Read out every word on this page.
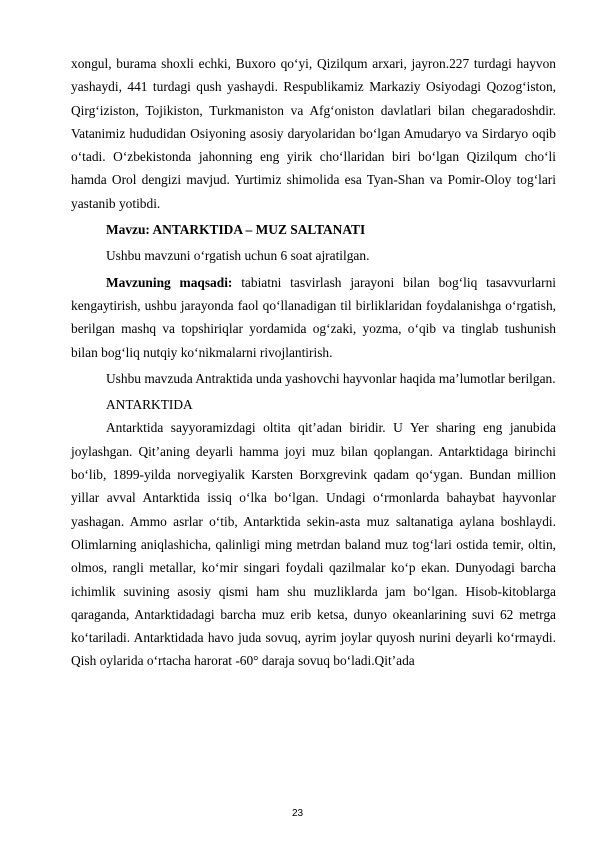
xongul, burama shoxli echki, Buxoro qo‘yi, Qizilqum arxari, jayron.227 turdagi hayvon yashaydi, 441 turdagi qush yashaydi. Respublikamiz Markaziy Osiyodagi Qozog‘iston, Qirg‘iziston, Tojikiston, Turkmaniston va Afg‘oniston davlatlari bilan chegaradoshdir. Vatanimiz hududidan Osiyoning asosiy daryolaridan bo‘lgan Amudaryo va Sirdaryo oqib o‘tadi. O‘zbekistonda jahonning eng yirik cho‘llaridan biri bo‘lgan Qizilqum cho‘li hamda Orol dengizi mavjud. Yurtimiz shimolida esa Tyan-Shan va Pomir-Oloy tog‘lari yastanib yotibdi.

Mavzu: ANTARKTIDA – MUZ SALTANATI

Ushbu mavzuni o‘rgatish uchun 6 soat ajratilgan.

Mavzuning maqsadi: tabiatni tasvirlash jarayoni bilan bog‘liq tasavvurlarni kengaytirish, ushbu jarayonda faol qo‘llanadigan til birliklaridan foydalanishga o‘rgatish, berilgan mashq va topshiriqlar yordamida og‘zaki, yozma, o‘qib va tinglab tushunish bilan bog‘liq nutqiy ko‘nikmalarni rivojlantirish.

Ushbu mavzuda Antraktida unda yashovchi hayvonlar haqida ma’lumotlar berilgan.

ANTARKTIDA

Antarktida sayyoramizdagi oltita qit’adan biridir. U Yer sharing eng janubida joylashgan. Qit’aning deyarli hamma joyi muz bilan qoplangan. Antarktidaga birinchi bo‘lib, 1899-yilda norvegiyalik Karsten Borxgrevink qadam qo‘ygan. Bundan million yillar avval Antarktida issiq o‘lka bo‘lgan. Undagi o‘rmonlarda bahaybat hayvonlar yashagan. Ammo asrlar o‘tib, Antarktida sekin-asta muz saltanatiga aylana boshlaydi. Olimlarning aniqlashicha, qalinligi ming metrdan baland muz tog‘lari ostida temir, oltin, olmos, rangli metallar, ko‘mir singari foydali qazilmalar ko‘p ekan. Dunyodagi barcha ichimlik suvining asosiy qismi ham shu muzliklarda jam bo‘lgan. Hisob-kitoblarga qaraganda, Antarktidadagi barcha muz erib ketsa, dunyo okeanlarining suvi 62 metrga ko‘tariladi. Antarktidada havo juda sovuq, ayrim joylar quyosh nurini deyarli ko‘rmaydi. Qish oylarida o‘rtacha harorat -60° daraja sovuq bo‘ladi.Qit’ada

23
